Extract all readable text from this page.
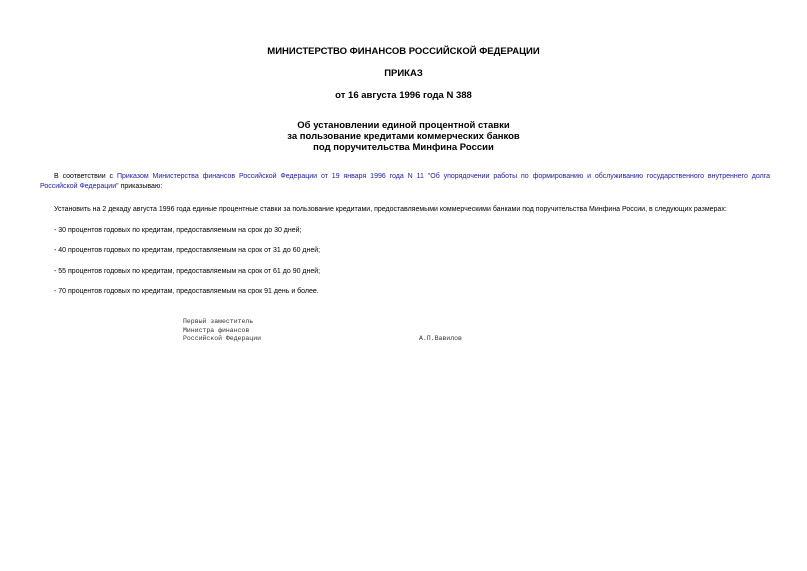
МИНИСТЕРСТВО ФИНАНСОВ РОССИЙСКОЙ ФЕДЕРАЦИИ
ПРИКАЗ
от 16 августа 1996 года N 388
Об установлении единой процентной ставки
за пользование кредитами коммерческих банков
под поручительства Минфина России
В соответствии с Приказом Министерства финансов Российской Федерации от 19 января 1996 года N 11 "Об упорядочении работы по формированию и обслуживанию государственного внутреннего долга
Российской Федерации" приказываю:
Установить на 2 декаду августа 1996 года единые процентные ставки за пользование кредитами, предоставляемыми коммерческими банками под поручительства Минфина России, в следующих размерах:
- 30 процентов годовых по кредитам, предоставляемым на срок до 30 дней;
- 40 процентов годовых по кредитам, предоставляемым на срок от 31 до 60 дней;
- 55 процентов годовых по кредитам, предоставляемым на срок от 61 до 90 дней;
- 70 процентов годовых по кредитам, предоставляемым на срок 91 день и более.
Первый заместитель
Министра финансов
Российской Федерации	А.П.Вавилов
